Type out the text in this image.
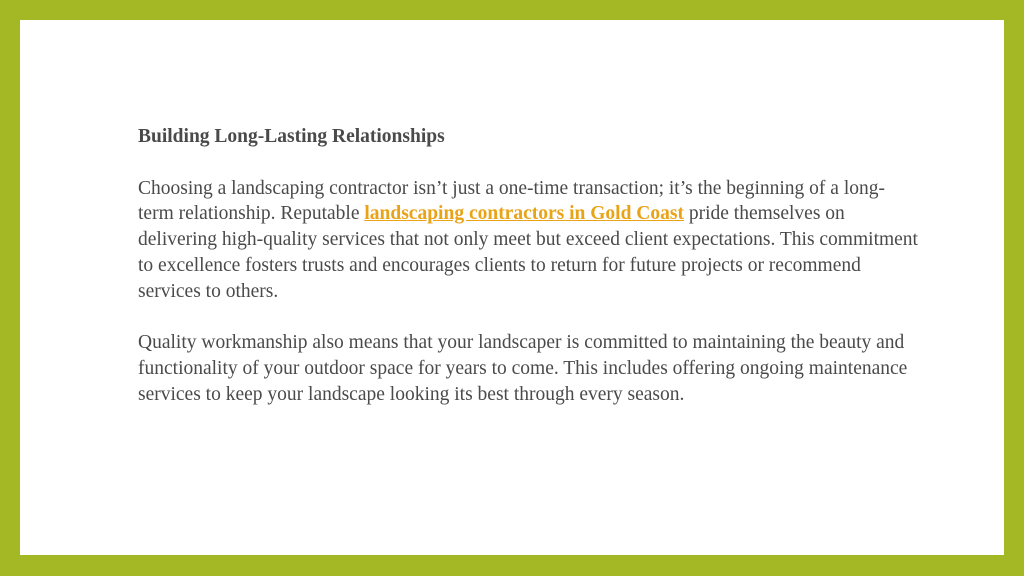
Building Long-Lasting Relationships
Choosing a landscaping contractor isn’t just a one-time transaction; it’s the beginning of a long-term relationship. Reputable landscaping contractors in Gold Coast pride themselves on delivering high-quality services that not only meet but exceed client expectations. This commitment to excellence fosters trusts and encourages clients to return for future projects or recommend services to others.
Quality workmanship also means that your landscaper is committed to maintaining the beauty and functionality of your outdoor space for years to come. This includes offering ongoing maintenance services to keep your landscape looking its best through every season.
